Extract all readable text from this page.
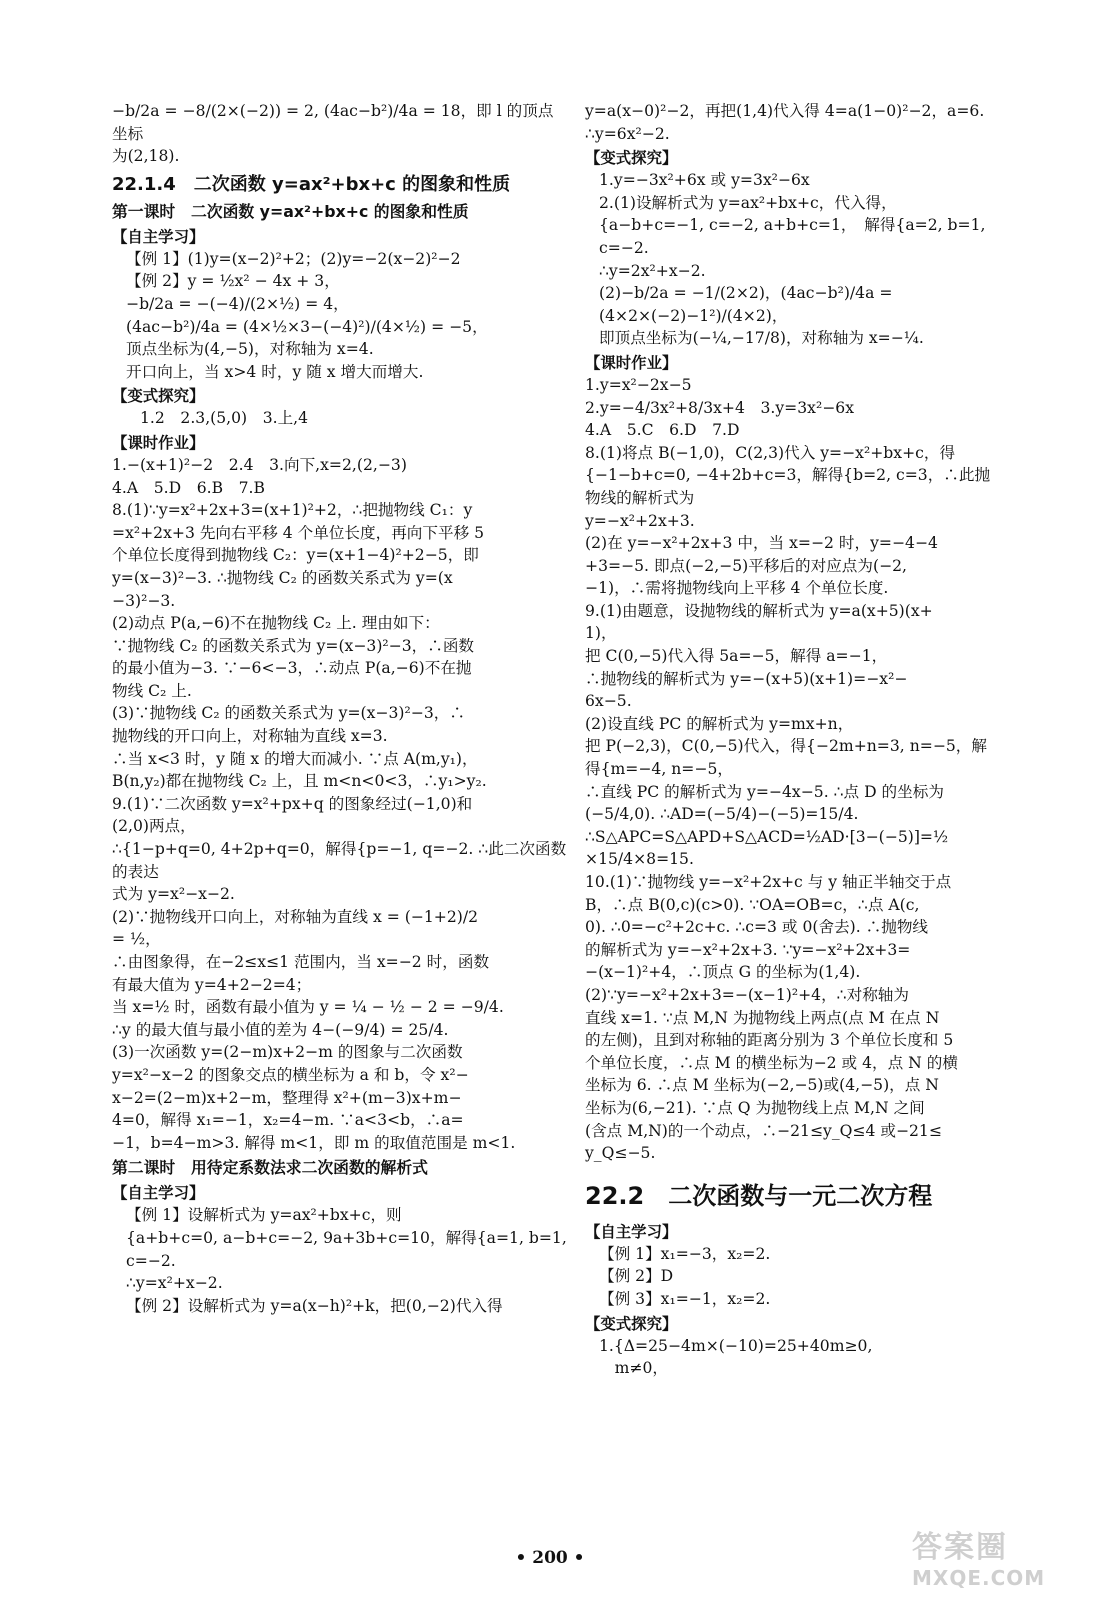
−b/2a = −8/(2×(−2)) = 2, (4ac−b²)/4a = 18，即 l 的顶点坐标
为(2,18).
22.1.4　二次函数 y=ax²+bx+c 的图象和性质
第一课时　二次函数 y=ax²+bx+c 的图象和性质
【自主学习】
【例 1】(1)y=(x−2)²+2；(2)y=−2(x−2)²−2
【例 2】y = ½x² − 4x + 3，
−b/2a = −(−4)/(2×½) = 4，
(4ac−b²)/4a = (4×½×3−(−4)²)/(4×½) = −5，
顶点坐标为(4,−5)，对称轴为 x=4.
开口向上，当 x>4 时，y 随 x 增大而增大.
【变式探究】
1.2　2.3,(5,0)　3.上,4
【课时作业】
1.−(x+1)²−2　2.4　3.向下,x=2,(2,−3)
4.A　5.D　6.B　7.B
8.(1)∵y=x²+2x+3=(x+1)²+2，∴把抛物线 C₁：y
=x²+2x+3 先向右平移 4 个单位长度，再向下平移 5
个单位长度得到抛物线 C₂：y=(x+1−4)²+2−5，即
y=(x−3)²−3. ∴抛物线 C₂ 的函数关系式为 y=(x
−3)²−3.
(2)动点 P(a,−6)不在抛物线 C₂ 上. 理由如下：
∵抛物线 C₂ 的函数关系式为 y=(x−3)²−3，∴函数
的最小值为−3. ∵−6<−3，∴动点 P(a,−6)不在抛
物线 C₂ 上.
(3)∵抛物线 C₂ 的函数关系式为 y=(x−3)²−3，∴
抛物线的开口向上，对称轴为直线 x=3.
∴当 x<3 时，y 随 x 的增大而减小. ∵点 A(m,y₁)，
B(n,y₂)都在抛物线 C₂ 上，且 m<n<0<3，∴y₁>y₂.
9.(1)∵二次函数 y=x²+px+q 的图象经过(−1,0)和
(2,0)两点，
∴{1−p+q=0, 4+2p+q=0，解得{p=−1, q=−2. ∴此二次函数的表达
式为 y=x²−x−2.
(2)∵抛物线开口向上，对称轴为直线 x = (−1+2)/2
= ½，
∴由图象得，在−2≤x≤1 范围内，当 x=−2 时，函数
有最大值为 y=4+2−2=4；
当 x=½ 时，函数有最小值为 y = ¼ − ½ − 2 = −9/4.
∴y 的最大值与最小值的差为 4−(−9/4) = 25/4.
(3)一次函数 y=(2−m)x+2−m 的图象与二次函数
y=x²−x−2 的图象交点的横坐标为 a 和 b，令 x²−
x−2=(2−m)x+2−m，整理得 x²+(m−3)x+m−
4=0，解得 x₁=−1，x₂=4−m. ∵a<3<b，∴a=
−1，b=4−m>3. 解得 m<1，即 m 的取值范围是 m<1.
第二课时　用待定系数法求二次函数的解析式
【自主学习】
【例 1】设解析式为 y=ax²+bx+c，则
{a+b+c=0, a−b+c=−2, 9a+3b+c=10，解得{a=1, b=1, c=−2.
∴y=x²+x−2.
【例 2】设解析式为 y=a(x−h)²+k，把(0,−2)代入得
y=a(x−0)²−2，再把(1,4)代入得 4=a(1−0)²−2，a=6.
∴y=6x²−2.
【变式探究】
1.y=−3x²+6x 或 y=3x²−6x
2.(1)设解析式为 y=ax²+bx+c，代入得，
{a−b+c=−1, c=−2, a+b+c=1，　解得{a=2, b=1, c=−2.
∴y=2x²+x−2.
(2)−b/2a = −1/(2×2)，(4ac−b²)/4a = (4×2×(−2)−1²)/(4×2)，
即顶点坐标为(−¼,−17/8)，对称轴为 x=−¼.
【课时作业】
1.y=x²−2x−5
2.y=−4/3x²+8/3x+4　3.y=3x²−6x
4.A　5.C　6.D　7.D
8.(1)将点 B(−1,0)，C(2,3)代入 y=−x²+bx+c，得
{−1−b+c=0, −4+2b+c=3，解得{b=2, c=3，∴此抛物线的解析式为
y=−x²+2x+3.
(2)在 y=−x²+2x+3 中，当 x=−2 时，y=−4−4
+3=−5. 即点(−2,−5)平移后的对应点为(−2,
−1)，∴需将抛物线向上平移 4 个单位长度.
9.(1)由题意，设抛物线的解析式为 y=a(x+5)(x+
1)，
把 C(0,−5)代入得 5a=−5，解得 a=−1，
∴抛物线的解析式为 y=−(x+5)(x+1)=−x²−
6x−5.
(2)设直线 PC 的解析式为 y=mx+n，
把 P(−2,3)，C(0,−5)代入，得{−2m+n=3, n=−5，解
得{m=−4, n=−5，
∴直线 PC 的解析式为 y=−4x−5. ∴点 D 的坐标为
(−5/4,0). ∴AD=(−5/4)−(−5)=15/4.
∴S△APC=S△APD+S△ACD=½AD·[3−(−5)]=½
×15/4×8=15.
10.(1)∵抛物线 y=−x²+2x+c 与 y 轴正半轴交于点
B，∴点 B(0,c)(c>0). ∵OA=OB=c，∴点 A(c,
0). ∴0=−c²+2c+c. ∴c=3 或 0(舍去). ∴抛物线
的解析式为 y=−x²+2x+3. ∵y=−x²+2x+3=
−(x−1)²+4，∴顶点 G 的坐标为(1,4).
(2)∵y=−x²+2x+3=−(x−1)²+4，∴对称轴为
直线 x=1. ∵点 M,N 为抛物线上两点(点 M 在点 N
的左侧)，且到对称轴的距离分别为 3 个单位长度和 5
个单位长度，∴点 M 的横坐标为−2 或 4，点 N 的横
坐标为 6. ∴点 M 坐标为(−2,−5)或(4,−5)，点 N
坐标为(6,−21). ∵点 Q 为抛物线上点 M,N 之间
(含点 M,N)的一个动点，∴−21≤y_Q≤4 或−21≤
y_Q≤−5.
22.2　二次函数与一元二次方程
【自主学习】
【例 1】x₁=−3，x₂=2.
【例 2】D
【例 3】x₁=−1，x₂=2.
【变式探究】
1.{Δ=25−4m×(−10)=25+40m≥0,
　m≠0，
• 200 •	答案圈
MXQE.COM
